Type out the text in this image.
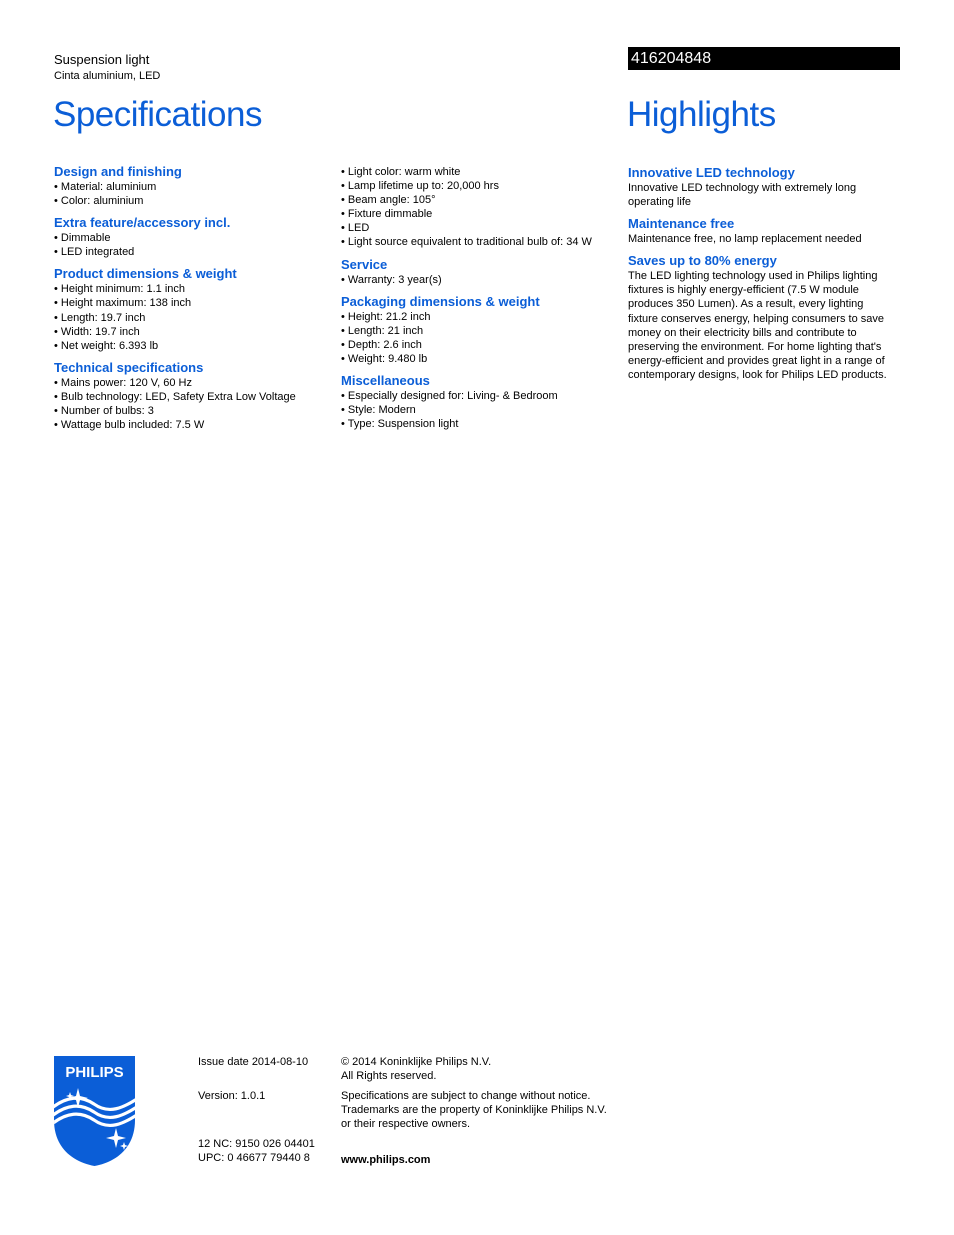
Suspension light
Cinta aluminium, LED
416204848
Specifications	Highlights
Design and finishing
• Material: aluminium
• Color: aluminium
Extra feature/accessory incl.
• Dimmable
• LED integrated
Product dimensions & weight
• Height minimum: 1.1 inch
• Height maximum: 138 inch
• Length: 19.7 inch
• Width: 19.7 inch
• Net weight: 6.393 lb
Technical specifications
• Mains power: 120 V, 60 Hz
• Bulb technology: LED, Safety Extra Low Voltage
• Number of bulbs: 3
• Wattage bulb included: 7.5 W
• Light color: warm white
• Lamp lifetime up to: 20,000 hrs
• Beam angle: 105°
• Fixture dimmable
• LED
• Light source equivalent to traditional bulb of: 34 W
Service
• Warranty: 3 year(s)
Packaging dimensions & weight
• Height: 21.2 inch
• Length: 21 inch
• Depth: 2.6 inch
• Weight: 9.480 lb
Miscellaneous
• Especially designed for: Living- & Bedroom
• Style: Modern
• Type: Suspension light
Innovative LED technology

Innovative LED technology with extremely long
operating life

Maintenance free

Maintenance free, no lamp replacement needed

Saves up to 80% energy

The LED lighting technology used in Philips lighting
fixtures is highly energy-efficient (7.5 W module
produces 350 Lumen). As a result, every lighting
fixture conserves energy, helping consumers to save
money on their electricity bills and contribute to
preserving the environment. For home lighting that's
energy-efficient and provides great light in a range of
contemporary designs, look for Philips LED products.

PHILIPS
Issue date 2014-08-10
Version: 1.0.1
12 NC: 9150 026 04401
UPC: 0 46677 79440 8
© 2014 Koninklijke Philips N.V.
All Rights reserved.
Specifications are subject to change without notice.
Trademarks are the property of Koninklijke Philips N.V.
or their respective owners.
www.philips.com
